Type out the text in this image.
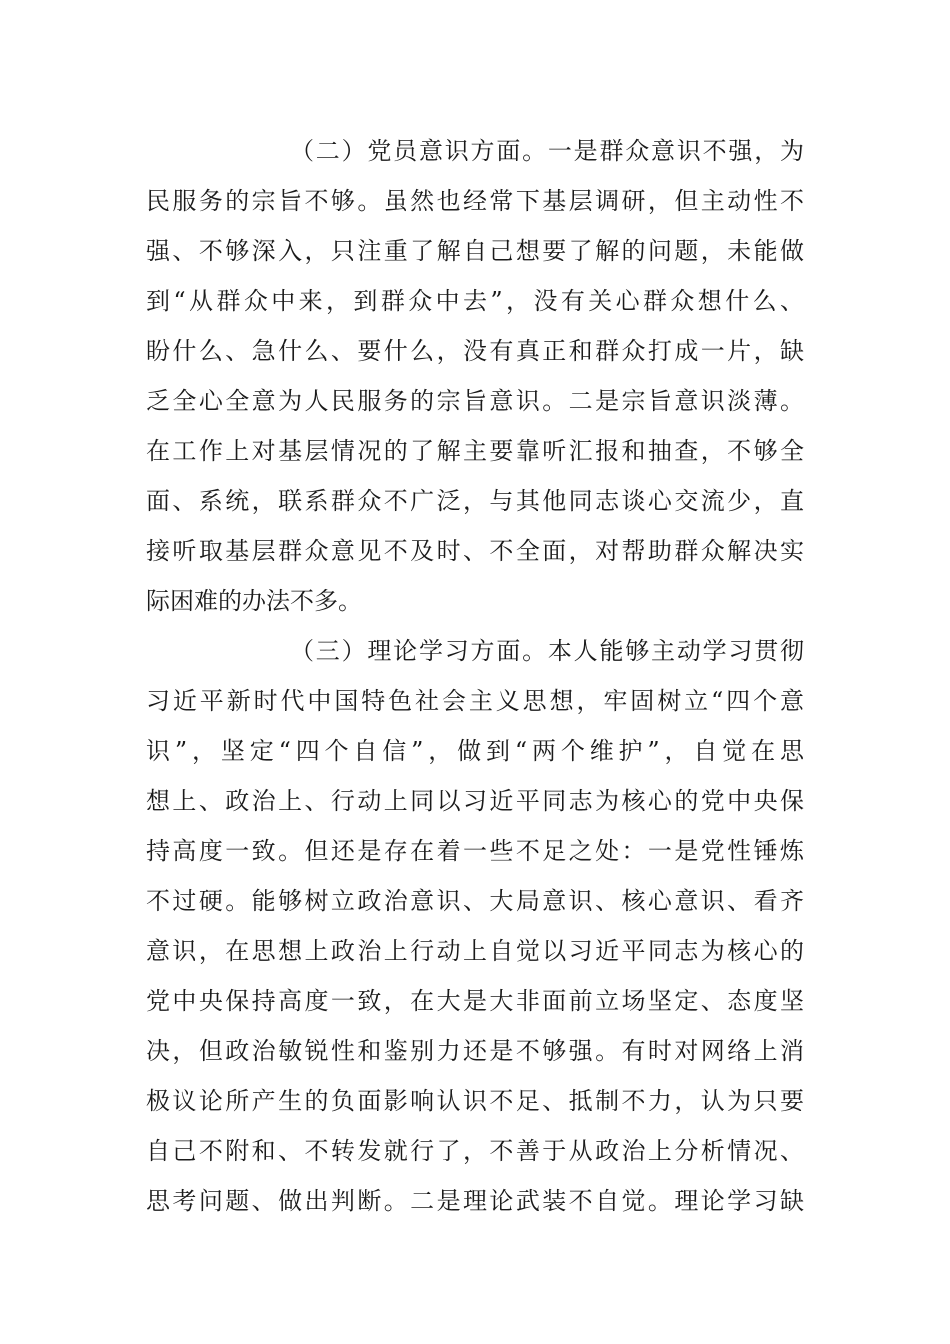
（二）党员意识方面。一是群众意识不强，为
民服务的宗旨不够。虽然也经常下基层调研，但主动性不
强、不够深入，只注重了解自己想要了解的问题，未能做
到“从群众中来，到群众中去”，没有关心群众想什么、
盼什么、急什么、要什么，没有真正和群众打成一片，缺
乏全心全意为人民服务的宗旨意识。二是宗旨意识淡薄。
在工作上对基层情况的了解主要靠听汇报和抽查，不够全
面、系统，联系群众不广泛，与其他同志谈心交流少，直
接听取基层群众意见不及时、不全面，对帮助群众解决实
际困难的办法不多。
（三）理论学习方面。本人能够主动学习贯彻
习近平新时代中国特色社会主义思想，牢固树立“四个意
识”，坚定“四个自信”，做到“两个维护”，自觉在思
想上、政治上、行动上同以习近平同志为核心的党中央保
持高度一致。但还是存在着一些不足之处：一是党性锤炼
不过硬。能够树立政治意识、大局意识、核心意识、看齐
意识，在思想上政治上行动上自觉以习近平同志为核心的
党中央保持高度一致，在大是大非面前立场坚定、态度坚
决，但政治敏锐性和鉴别力还是不够强。有时对网络上消
极议论所产生的负面影响认识不足、抵制不力，认为只要
自己不附和、不转发就行了，不善于从政治上分析情况、
思考问题、做出判断。二是理论武装不自觉。理论学习缺
